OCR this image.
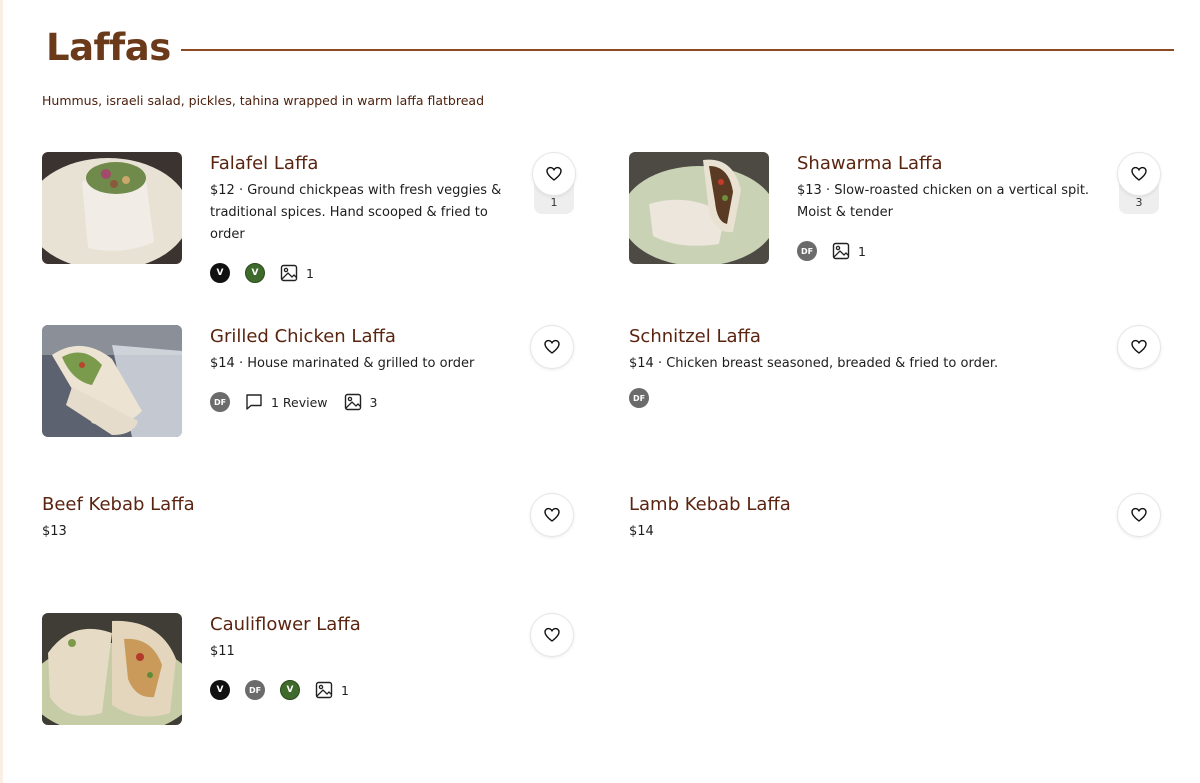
Laffas

Hummus, israeli salad, pickles, tahina wrapped in warm laffa flatbread

Falafel Laffa

$12 · Ground chickpeas with fresh veggies & traditional spices. Hand scooped & fried to order

V	V	1
1
Shawarma Laffa

$13 · Slow-roasted chicken on a vertical spit. Moist & tender

DF	1
3
Grilled Chicken Laffa

$14 · House marinated & grilled to order

DF	1 Review	3
Schnitzel Laffa

$14 · Chicken breast seasoned, breaded & fried to order.

DF
Beef Kebab Laffa

$13

Lamb Kebab Laffa

$14

Cauliflower Laffa

$11

V	DF	V	1
